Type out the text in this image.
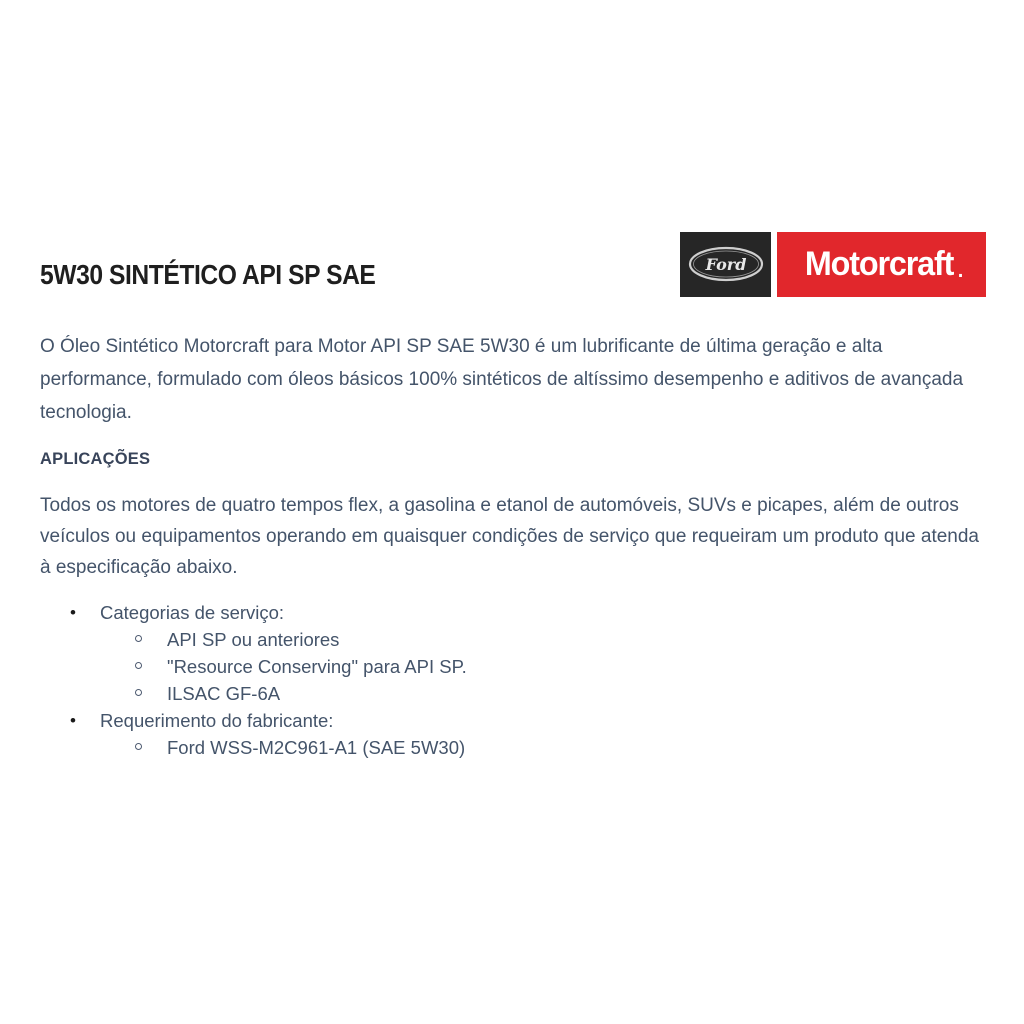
5W30 SINTÉTICO API SP SAE	Ford Motorcraft .
O Óleo Sintético Motorcraft para Motor API SP SAE 5W30 é um lubrificante de última geração e alta performance, formulado com óleos básicos 100% sintéticos de altíssimo desempenho e aditivos de avançada tecnologia.
APLICAÇÕES
Todos os motores de quatro tempos flex, a gasolina e etanol de automóveis, SUVs e picapes, além de outros veículos ou equipamentos operando em quaisquer condições de serviço que requeiram um produto que atenda à especificação abaixo.
• Categorias de serviço:
API SP ou anteriores
"Resource Conserving" para API SP.
ILSAC GF-6A
• Requerimento do fabricante:
Ford WSS-M2C961-A1 (SAE 5W30)
